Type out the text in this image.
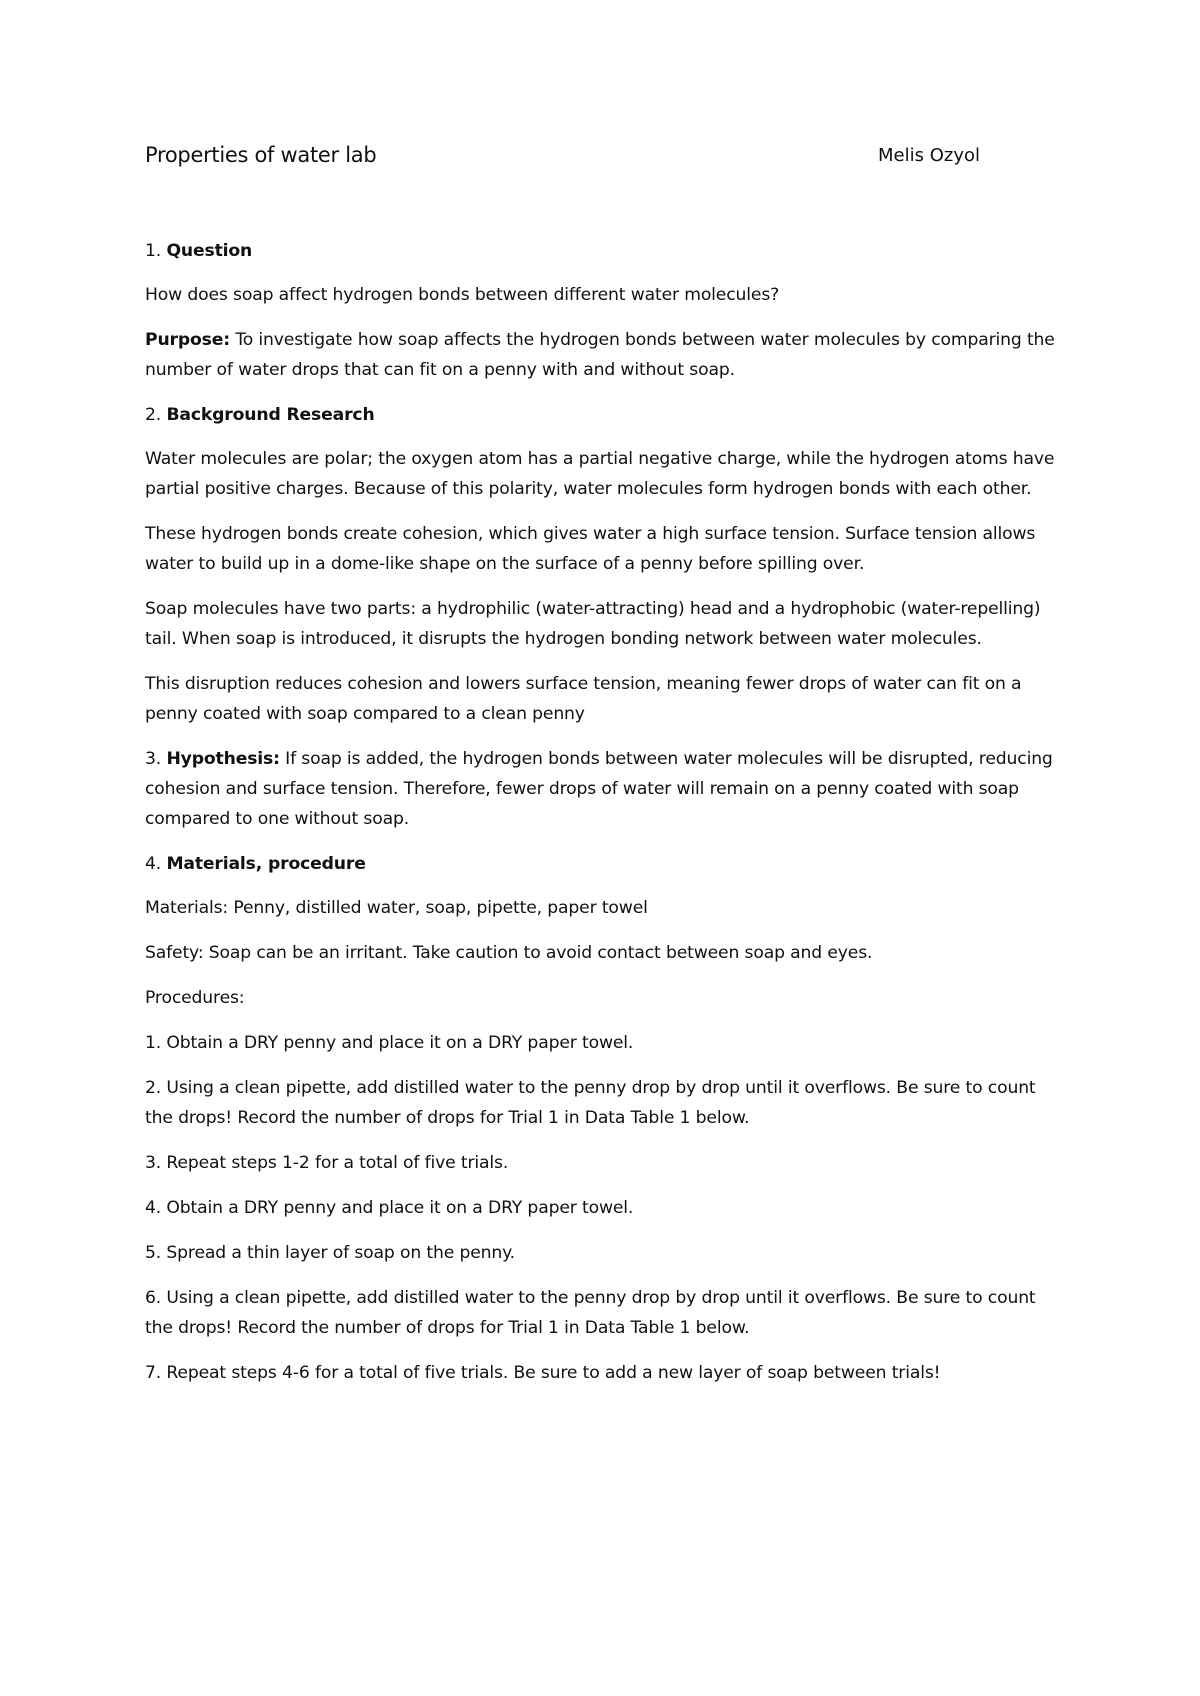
Properties of water lab	Melis Ozyol

1. Question

How does soap affect hydrogen bonds between different water molecules?

Purpose: To investigate how soap affects the hydrogen bonds between water molecules by comparing the number of water drops that can fit on a penny with and without soap.

2. Background Research

Water molecules are polar; the oxygen atom has a partial negative charge, while the hydrogen atoms have partial positive charges. Because of this polarity, water molecules form hydrogen bonds with each other.

These hydrogen bonds create cohesion, which gives water a high surface tension. Surface tension allows water to build up in a dome-like shape on the surface of a penny before spilling over.

Soap molecules have two parts: a hydrophilic (water-attracting) head and a hydrophobic (water-repelling) tail. When soap is introduced, it disrupts the hydrogen bonding network between water molecules.

This disruption reduces cohesion and lowers surface tension, meaning fewer drops of water can fit on a penny coated with soap compared to a clean penny

3. Hypothesis: If soap is added, the hydrogen bonds between water molecules will be disrupted, reducing cohesion and surface tension. Therefore, fewer drops of water will remain on a penny coated with soap compared to one without soap.

4. Materials, procedure

Materials: Penny, distilled water, soap, pipette, paper towel

Safety: Soap can be an irritant. Take caution to avoid contact between soap and eyes.

Procedures:

1. Obtain a DRY penny and place it on a DRY paper towel.
2. Using a clean pipette, add distilled water to the penny drop by drop until it overflows. Be sure to count the drops! Record the number of drops for Trial 1 in Data Table 1 below.
3. Repeat steps 1-2 for a total of five trials.
4. Obtain a DRY penny and place it on a DRY paper towel.
5. Spread a thin layer of soap on the penny.
6. Using a clean pipette, add distilled water to the penny drop by drop until it overflows. Be sure to count the drops! Record the number of drops for Trial 1 in Data Table 1 below.
7. Repeat steps 4-6 for a total of five trials. Be sure to add a new layer of soap between trials!
